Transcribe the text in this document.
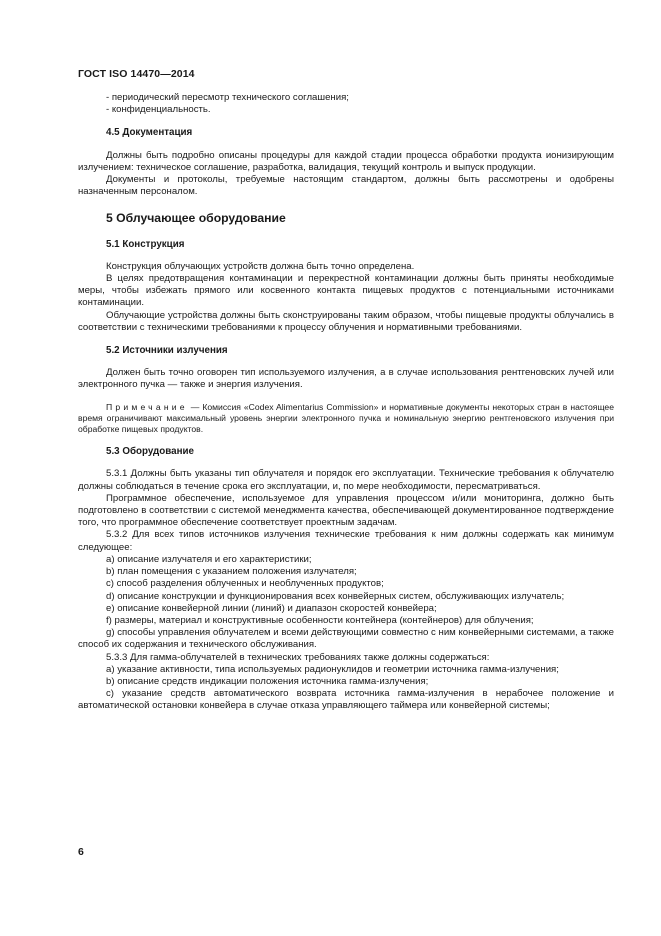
ГОСТ ISO 14470—2014

- периодический пересмотр технического соглашения;

- конфиденциальность.

4.5 Документация

Должны быть подробно описаны процедуры для каждой стадии процесса обработки продукта ионизирующим излучением: техническое соглашение, разработка, валидация, текущий контроль и выпуск продукции.

Документы и протоколы, требуемые настоящим стандартом, должны быть рассмотрены и одобрены назначенным персоналом.

5 Облучающее оборудование
5.1 Конструкция

Конструкция облучающих устройств должна быть точно определена.

В целях предотвращения контаминации и перекрестной контаминации должны быть приняты необходимые меры, чтобы избежать прямого или косвенного контакта пищевых продуктов с потенциальными источниками контаминации.

Облучающие устройства должны быть сконструированы таким образом, чтобы пищевые продукты облучались в соответствии с техническими требованиями к процессу облучения и нормативными требованиями.

5.2 Источники излучения

Должен быть точно оговорен тип используемого излучения, а в случае использования рентгеновских лучей или электронного пучка — также и энергия излучения.

Примечание — Комиссия «Codex Alimentarius Commission» и нормативные документы некоторых стран в настоящее время ограничивают максимальный уровень энергии электронного пучка и номинальную энергию рентгеновского излучения при обработке пищевых продуктов.

5.3 Оборудование

5.3.1 Должны быть указаны тип облучателя и порядок его эксплуатации. Технические требования к облучателю должны соблюдаться в течение срока его эксплуатации, и, по мере необходимости, пересматриваться.

Программное обеспечение, используемое для управления процессом и/или мониторинга, должно быть подготовлено в соответствии с системой менеджмента качества, обеспечивающей документированное подтверждение того, что программное обеспечение соответствует проектным задачам.

5.3.2 Для всех типов источников излучения технические требования к ним должны содержать как минимум следующее:

a) описание излучателя и его характеристики;

b) план помещения с указанием положения излучателя;

c) способ разделения облученных и необлученных продуктов;

d) описание конструкции и функционирования всех конвейерных систем, обслуживающих излучатель;

e) описание конвейерной линии (линий) и диапазон скоростей конвейера;

f) размеры, материал и конструктивные особенности контейнера (контейнеров) для облучения;

g) способы управления облучателем и всеми действующими совместно с ним конвейерными системами, а также способ их содержания и технического обслуживания.

5.3.3 Для гамма-облучателей в технических требованиях также должны содержаться:

a) указание активности, типа используемых радионуклидов и геометрии источника гамма-излучения;

b) описание средств индикации положения источника гамма-излучения;

c) указание средств автоматического возврата источника гамма-излучения в нерабочее положение и автоматической остановки конвейера в случае отказа управляющего таймера или конвейерной системы;

6
